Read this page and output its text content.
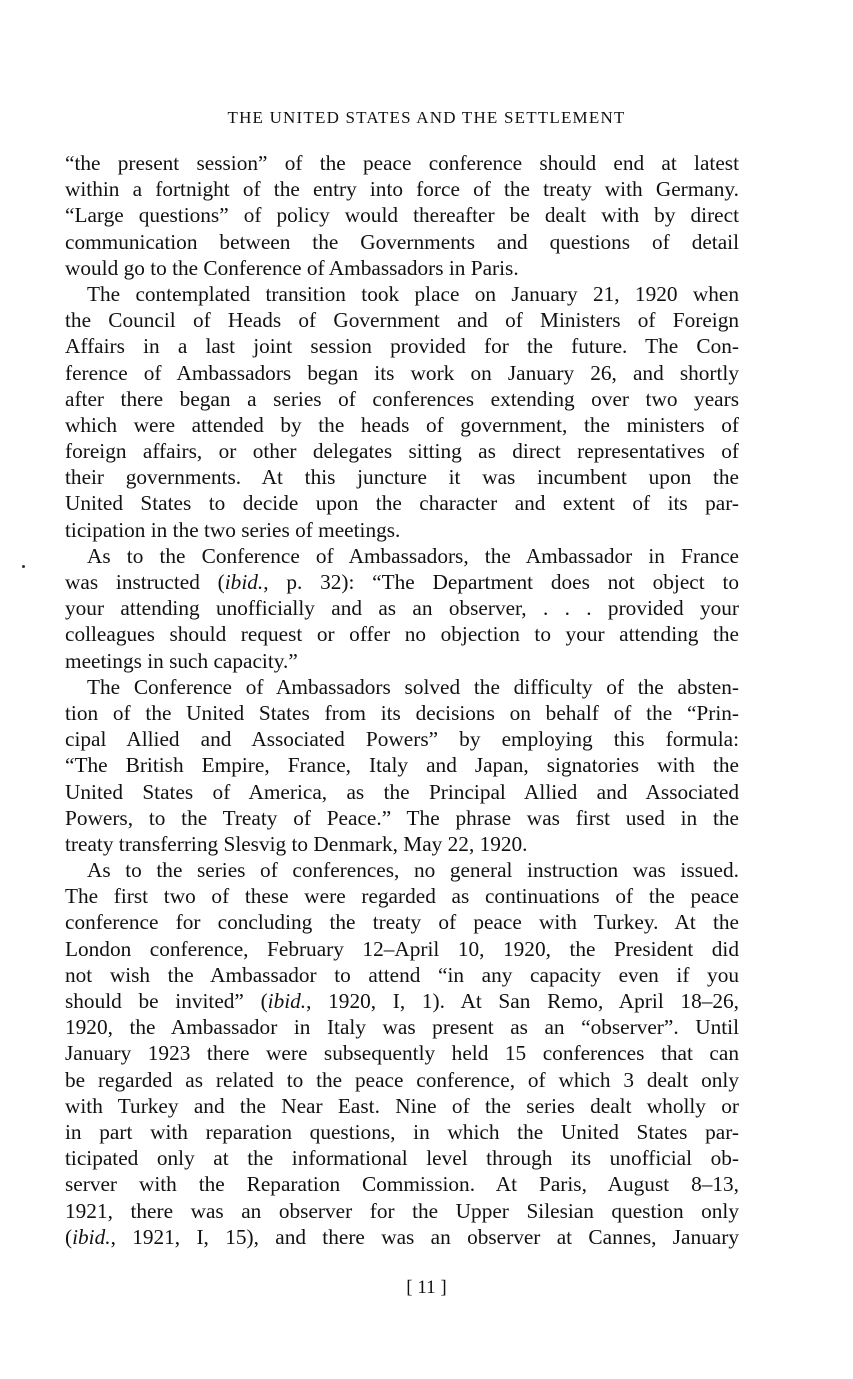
THE UNITED STATES AND THE SETTLEMENT
“the present session” of the peace conference should end at latest
within a fortnight of the entry into force of the treaty with Germany.
“Large questions” of policy would thereafter be dealt with by direct
communication between the Governments and questions of detail
would go to the Conference of Ambassadors in Paris.
The contemplated transition took place on January 21, 1920 when
the Council of Heads of Government and of Ministers of Foreign
Affairs in a last joint session provided for the future. The Con-
ference of Ambassadors began its work on January 26, and shortly
after there began a series of conferences extending over two years
which were attended by the heads of government, the ministers of
foreign affairs, or other delegates sitting as direct representatives of
their governments. At this juncture it was incumbent upon the
United States to decide upon the character and extent of its par-
ticipation in the two series of meetings.
As to the Conference of Ambassadors, the Ambassador in France
was instructed (ibid., p. 32): “The Department does not object to
your attending unofficially and as an observer, . . . provided your
colleagues should request or offer no objection to your attending the
meetings in such capacity.”
The Conference of Ambassadors solved the difficulty of the absten-
tion of the United States from its decisions on behalf of the “Prin-
cipal Allied and Associated Powers” by employing this formula:
“The British Empire, France, Italy and Japan, signatories with the
United States of America, as the Principal Allied and Associated
Powers, to the Treaty of Peace.” The phrase was first used in the
treaty transferring Slesvig to Denmark, May 22, 1920.
As to the series of conferences, no general instruction was issued.
The first two of these were regarded as continuations of the peace
conference for concluding the treaty of peace with Turkey. At the
London conference, February 12–April 10, 1920, the President did
not wish the Ambassador to attend “in any capacity even if you
should be invited” (ibid., 1920, I, 1). At San Remo, April 18–26,
1920, the Ambassador in Italy was present as an “observer”. Until
January 1923 there were subsequently held 15 conferences that can
be regarded as related to the peace conference, of which 3 dealt only
with Turkey and the Near East. Nine of the series dealt wholly or
in part with reparation questions, in which the United States par-
ticipated only at the informational level through its unofficial ob-
server with the Reparation Commission. At Paris, August 8–13,
1921, there was an observer for the Upper Silesian question only
(ibid., 1921, I, 15), and there was an observer at Cannes, January
[ 11 ]
